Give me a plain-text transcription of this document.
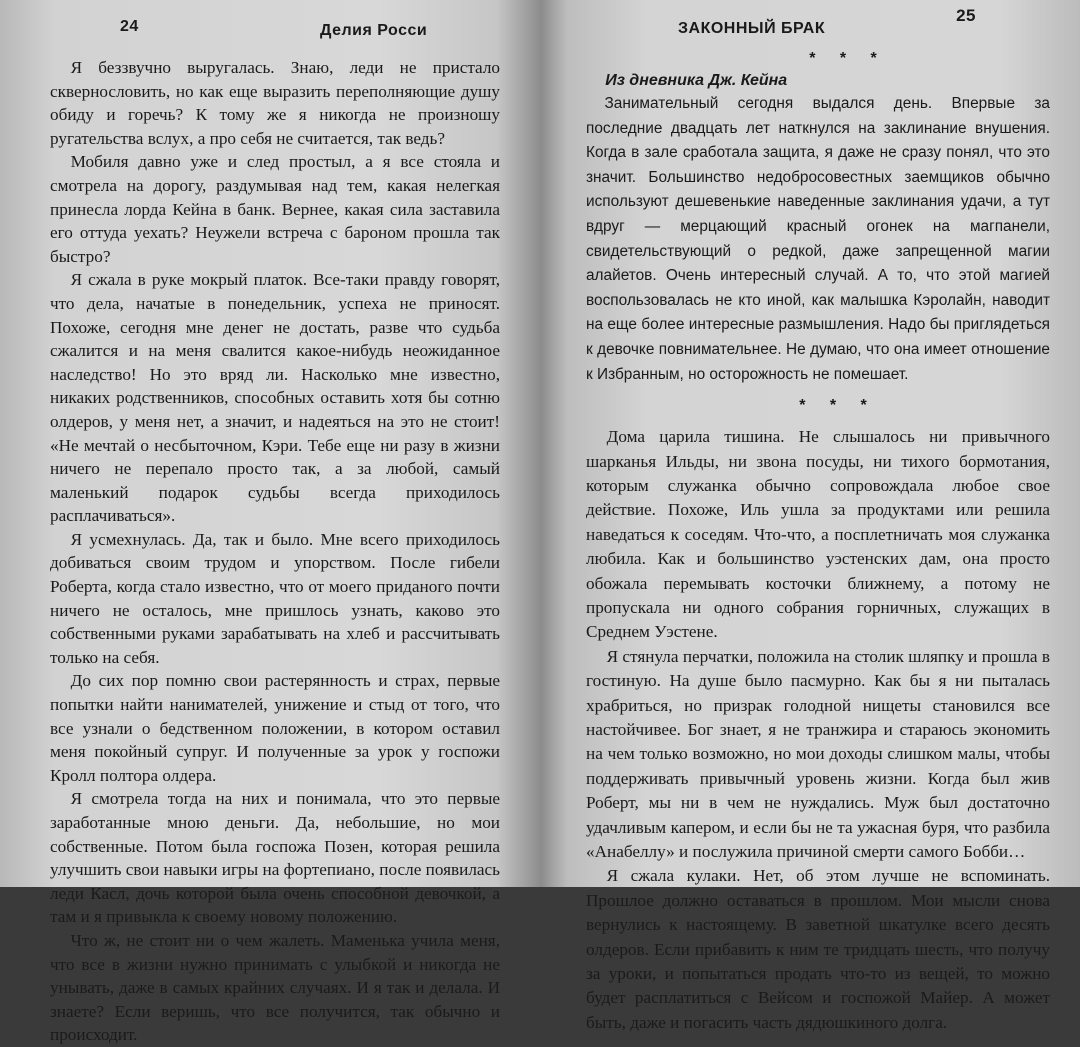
24	Делия Росси

Я беззвучно выругалась. Знаю, леди не пристало сквернословить, но как еще выразить переполняющие душу обиду и горечь? К тому же я никогда не произношу ругательства вслух, а про себя не считается, так ведь?

Мобиля давно уже и след простыл, а я все стояла и смотрела на дорогу, раздумывая над тем, какая нелегкая принесла лорда Кейна в банк. Вернее, какая сила заставила его оттуда уехать? Неужели встреча с бароном прошла так быстро?

Я сжала в руке мокрый платок. Все-таки правду говорят, что дела, начатые в понедельник, успеха не приносят. Похоже, сегодня мне денег не достать, разве что судьба сжалится и на меня свалится какое-нибудь неожиданное наследство! Но это вряд ли. Насколько мне известно, никаких родственников, способных оставить хотя бы сотню олдеров, у меня нет, а значит, и надеяться на это не стоит! «Не мечтай о несбыточном, Кэри. Тебе еще ни разу в жизни ничего не перепало просто так, а за любой, самый маленький подарок судьбы всегда приходилось расплачиваться».

Я усмехнулась. Да, так и было. Мне всего приходилось добиваться своим трудом и упорством. После гибели Роберта, когда стало известно, что от моего приданого почти ничего не осталось, мне пришлось узнать, каково это собственными руками зарабатывать на хлеб и рассчитывать только на себя.

До сих пор помню свои растерянность и страх, первые попытки найти нанимателей, унижение и стыд от того, что все узнали о бедственном положении, в котором оставил меня покойный супруг. И полученные за урок у госпожи Кролл полтора олдера.

Я смотрела тогда на них и понимала, что это первые заработанные мною деньги. Да, небольшие, но мои собственные. Потом была госпожа Позен, которая решила улучшить свои навыки игры на фортепиано, после появилась леди Касл, дочь которой была очень способной девочкой, а там и я привыкла к своему новому положению.

Что ж, не стоит ни о чем жалеть. Маменька учила меня, что все в жизни нужно принимать с улыбкой и никогда не унывать, даже в самых крайних случаях. И я так и делала. И знаете? Если веришь, что все получится, так обычно и происходит.

ЗАКОННЫЙ БРАК
25
* * *
Из дневника Дж. Кейна

Занимательный сегодня выдался день. Впервые за последние двадцать лет наткнулся на заклинание внушения. Когда в зале сработала защита, я даже не сразу понял, что это значит. Большинство недобросовестных заемщиков обычно используют дешевенькие наведенные заклинания удачи, а тут вдруг — мерцающий красный огонек на магпанели, свидетельствующий о редкой, даже запрещенной магии алайетов. Очень интересный случай. А то, что этой магией воспользовалась не кто иной, как малышка Кэролайн, наводит на еще более интересные размышления. Надо бы приглядеться к девочке повнимательнее. Не думаю, что она имеет отношение к Избранным, но осторожность не помешает.

* * *

Дома царила тишина. Не слышалось ни привычного шарканья Ильды, ни звона посуды, ни тихого бормотания, которым служанка обычно сопровождала любое свое действие. Похоже, Иль ушла за продуктами или решила наведаться к соседям. Что-что, а посплетничать моя служанка любила. Как и большинство уэстенских дам, она просто обожала перемывать косточки ближнему, а потому не пропускала ни одного собрания горничных, служащих в Среднем Уэстене.

Я стянула перчатки, положила на столик шляпку и прошла в гостиную. На душе было пасмурно. Как бы я ни пыталась храбриться, но призрак голодной нищеты становился все настойчивее. Бог знает, я не транжира и стараюсь экономить на чем только возможно, но мои доходы слишком малы, чтобы поддерживать привычный уровень жизни. Когда был жив Роберт, мы ни в чем не нуждались. Муж был достаточно удачливым капером, и если бы не та ужасная буря, что разбила «Анабеллу» и послужила причиной смерти самого Бобби…

Я сжала кулаки. Нет, об этом лучше не вспоминать. Прошлое должно оставаться в прошлом. Мои мысли снова вернулись к настоящему. В заветной шкатулке всего десять олдеров. Если прибавить к ним те тридцать шесть, что получу за уроки, и попытаться продать что-то из вещей, то можно будет расплатиться с Вейсом и госпожой Майер. А может быть, даже и погасить часть дядюшкиного долга.
